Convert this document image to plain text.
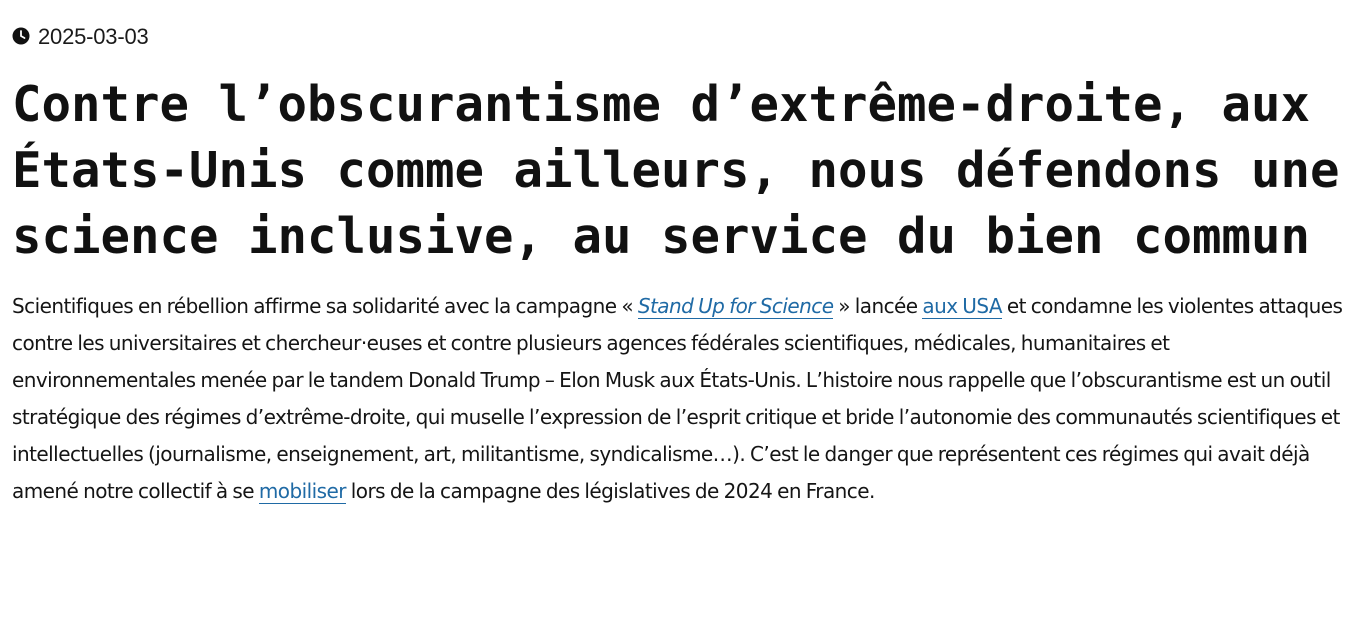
2025-03-03
Contre l’obscurantisme d’extrême-droite, aux États-Unis comme ailleurs, nous défendons une science inclusive, au service du bien commun

Scientifiques en rébellion affirme sa solidarité avec la campagne « Stand Up for Science » lancée aux USA et condamne les violentes attaques contre les universitaires et chercheur·euses et contre plusieurs agences fédérales scientifiques, médicales, humanitaires et environnementales menée par le tandem Donald Trump – Elon Musk aux États-Unis. L’histoire nous rappelle que l’obscurantisme est un outil stratégique des régimes d’extrême-droite, qui muselle l’expression de l’esprit critique et bride l’autonomie des communautés scientifiques et intellectuelles (journalisme, enseignement, art, militantisme, syndicalisme…). C’est le danger que représentent ces régimes qui avait déjà amené notre collectif à se mobiliser lors de la campagne des législatives de 2024 en France.
